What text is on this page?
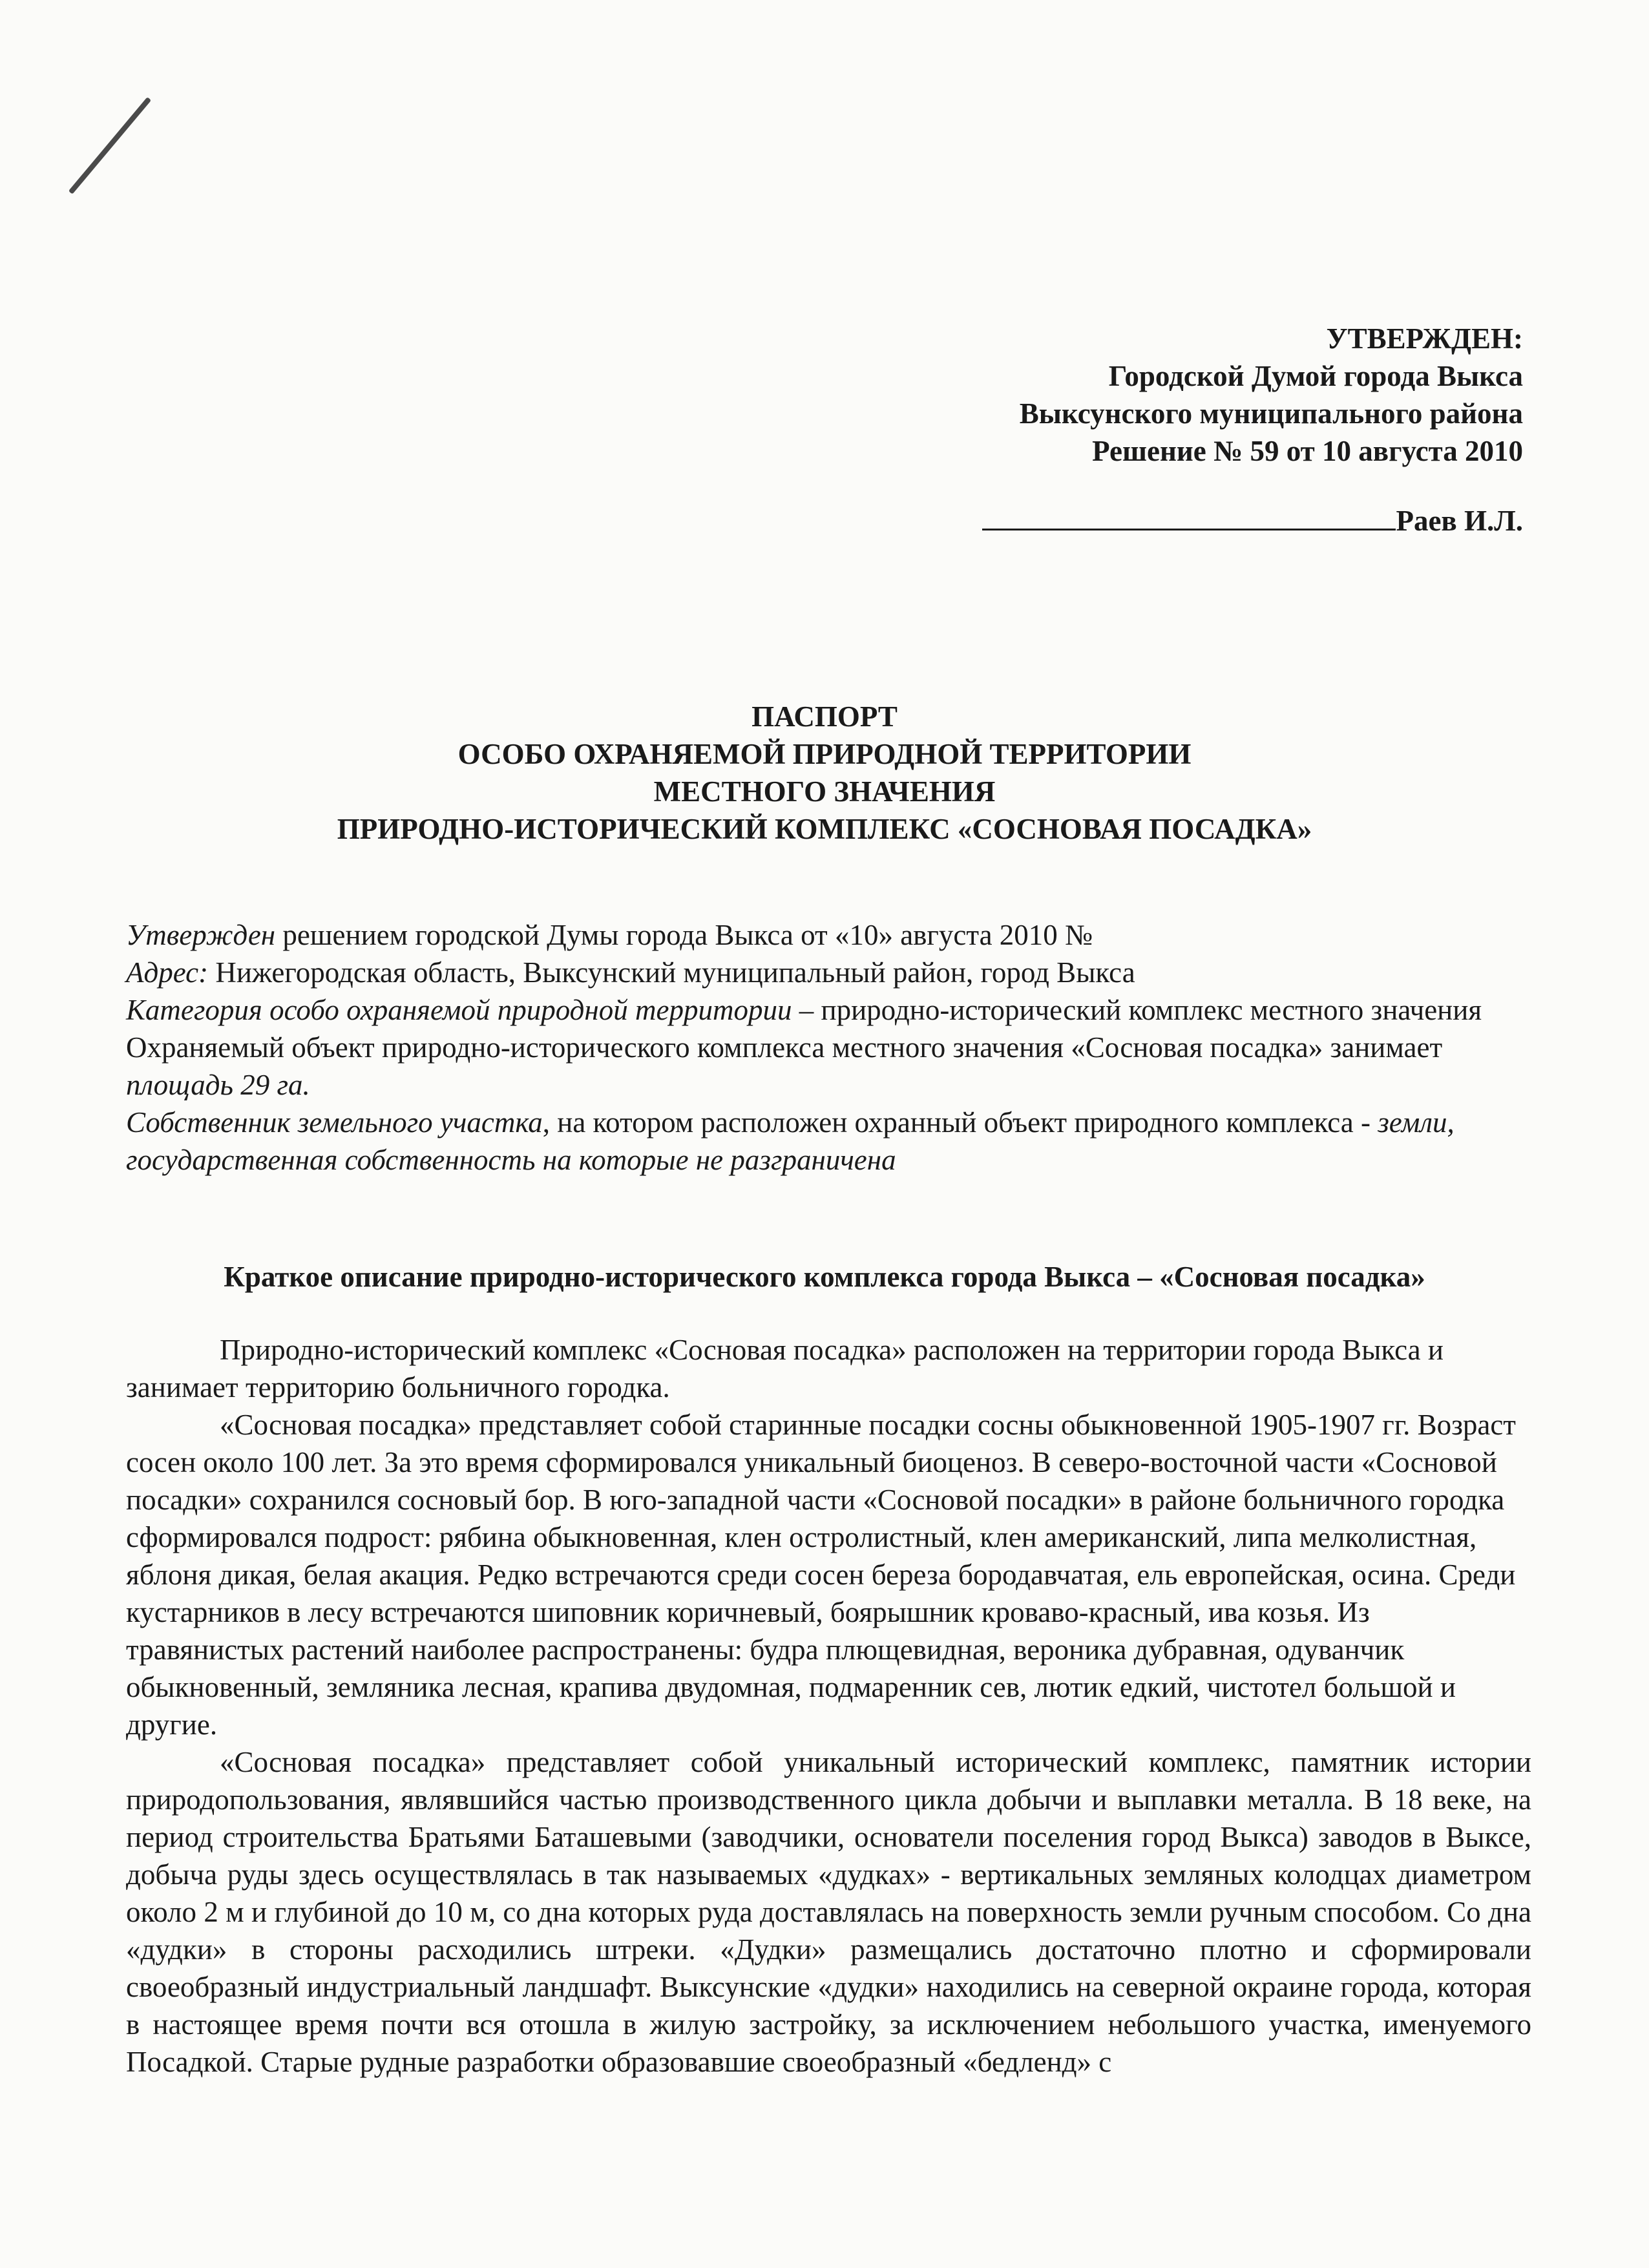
УТВЕРЖДЕН:
Городской Думой города Выкса
Выксунского муниципального района
Решение № 59 от 10 августа 2010
Раев И.Л.
ПАСПОРТ
ОСОБО ОХРАНЯЕМОЙ ПРИРОДНОЙ ТЕРРИТОРИИ
МЕСТНОГО ЗНАЧЕНИЯ
ПРИРОДНО-ИСТОРИЧЕСКИЙ КОМПЛЕКС «СОСНОВАЯ ПОСАДКА»

Утвержден решением городской Думы города Выкса от «10» августа 2010 №

Адрес: Нижегородская область, Выксунский муниципальный район, город Выкса

Категория особо охраняемой природной территории – природно-исторический комплекс местного значения

Охраняемый объект природно-исторического комплекса местного значения «Сосновая посадка» занимает площадь 29 га.

Собственник земельного участка, на котором расположен охранный объект природного комплекса - земли, государственная собственность на которые не разграничена

Краткое описание природно-исторического комплекса города Выкса – «Сосновая посадка»

Природно-исторический комплекс «Сосновая посадка» расположен на территории города Выкса и занимает территорию больничного городка.

«Сосновая посадка» представляет собой старинные посадки сосны обыкновенной 1905-1907 гг. Возраст сосен около 100 лет. За это время сформировался уникальный биоценоз. В северо-восточной части «Сосновой посадки» сохранился сосновый бор. В юго-западной части «Сосновой посадки» в районе больничного городка сформировался подрост: рябина обыкновенная, клен остролистный, клен американский, липа мелколистная, яблоня дикая, белая акация. Редко встречаются среди сосен береза бородавчатая, ель европейская, осина. Среди кустарников в лесу встречаются шиповник коричневый, боярышник кроваво-красный, ива козья. Из травянистых растений наиболее распространены: будра плющевидная, вероника дубравная, одуванчик обыкновенный, земляника лесная, крапива двудомная, подмаренник сев, лютик едкий, чистотел большой и другие.

«Сосновая посадка» представляет собой уникальный исторический комплекс, памятник истории природопользования, являвшийся частью производственного цикла добычи и выплавки металла. В 18 веке, на период строительства Братьями Баташевыми (заводчики, основатели поселения город Выкса) заводов в Выксе, добыча руды здесь осуществлялась в так называемых «дудках» - вертикальных земляных колодцах диаметром около 2 м и глубиной до 10 м, со дна которых руда доставлялась на поверхность земли ручным способом. Со дна «дудки» в стороны расходились штреки. «Дудки» размещались достаточно плотно и сформировали своеобразный индустриальный ландшафт. Выксунские «дудки» находились на северной окраине города, которая в настоящее время почти вся отошла в жилую застройку, за исключением небольшого участка, именуемого Посадкой. Старые рудные разработки образовавшие своеобразный «бедленд» с
